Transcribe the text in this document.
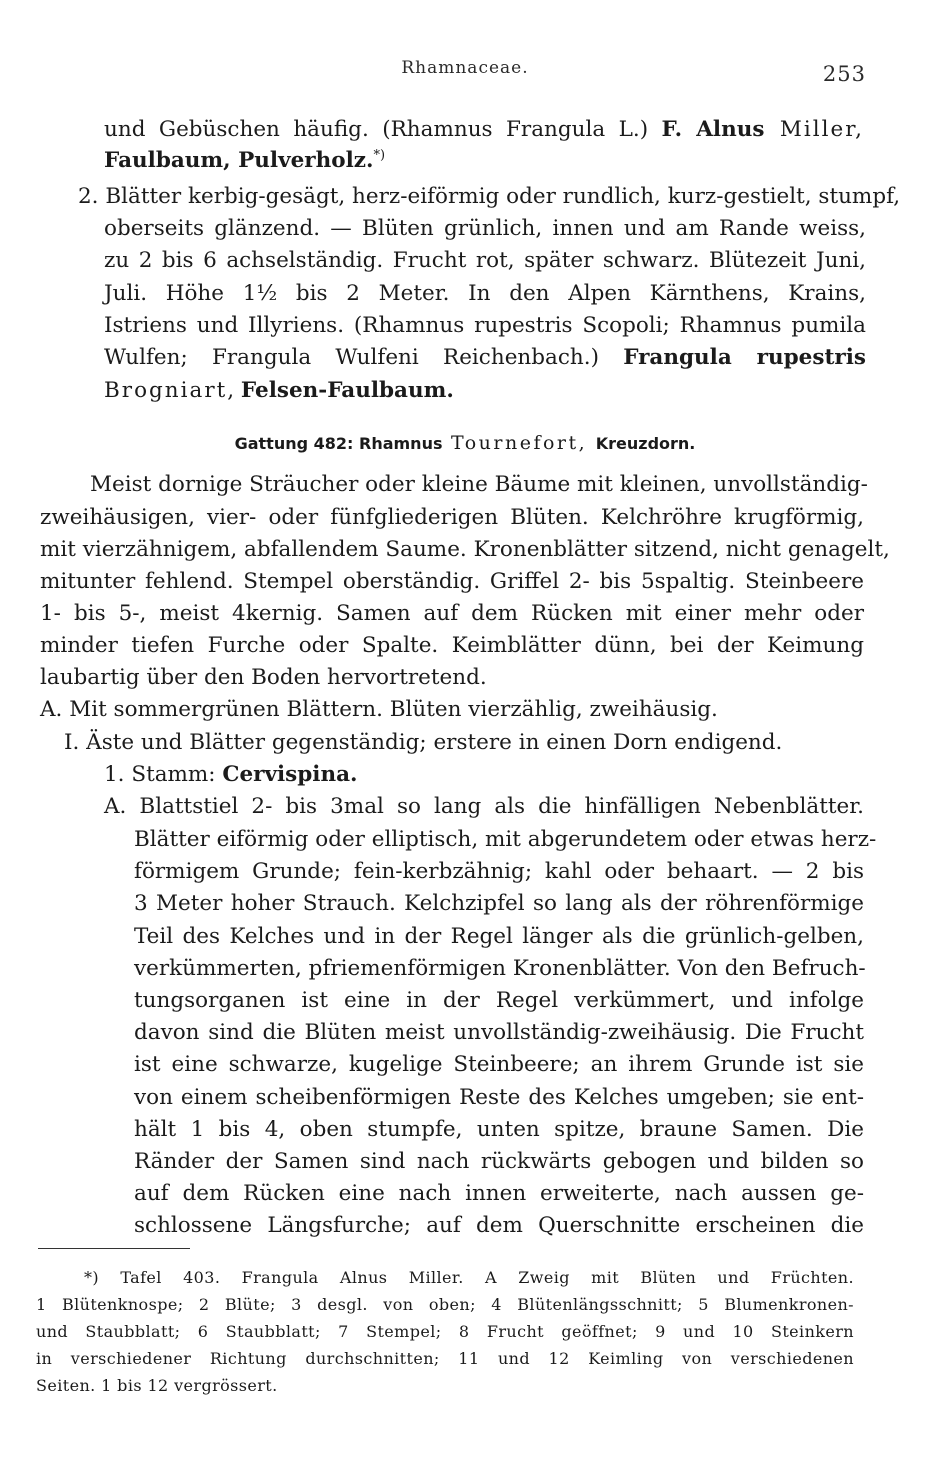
Rhamnaceae.	253
und Gebüschen häufig. (Rhamnus Frangula L.) F. Alnus Miller,
Faulbaum, Pulverholz.*)
2. Blätter kerbig-gesägt, herz-eiförmig oder rundlich, kurz-gestielt, stumpf,
oberseits glänzend. — Blüten grünlich, innen und am Rande weiss,
zu 2 bis 6 achselständig. Frucht rot, später schwarz. Blütezeit Juni,
Juli. Höhe 1½ bis 2 Meter. In den Alpen Kärnthens, Krains,
Istriens und Illyriens. (Rhamnus rupestris Scopoli; Rhamnus pumila
Wulfen; Frangula Wulfeni Reichenbach.) Frangula rupestris
Brogniart, Felsen-Faulbaum.
Gattung 482: Rhamnus Tournefort, Kreuzdorn.
Meist dornige Sträucher oder kleine Bäume mit kleinen, unvollständig-
zweihäusigen, vier- oder fünfgliederigen Blüten. Kelchröhre krugförmig,
mit vierzähnigem, abfallendem Saume. Kronenblätter sitzend, nicht genagelt,
mitunter fehlend. Stempel oberständig. Griffel 2- bis 5spaltig. Steinbeere
1- bis 5-, meist 4kernig. Samen auf dem Rücken mit einer mehr oder
minder tiefen Furche oder Spalte. Keimblätter dünn, bei der Keimung
laubartig über den Boden hervortretend.
A. Mit sommergrünen Blättern. Blüten vierzählig, zweihäusig.
I. Äste und Blätter gegenständig; erstere in einen Dorn endigend.
1. Stamm: Cervispina.
A. Blattstiel 2- bis 3mal so lang als die hinfälligen Nebenblätter.
Blätter eiförmig oder elliptisch, mit abgerundetem oder etwas herz-
förmigem Grunde; fein-kerbzähnig; kahl oder behaart. — 2 bis
3 Meter hoher Strauch. Kelchzipfel so lang als der röhrenförmige
Teil des Kelches und in der Regel länger als die grünlich-gelben,
verkümmerten, pfriemenförmigen Kronenblätter. Von den Befruch-
tungsorganen ist eine in der Regel verkümmert, und infolge
davon sind die Blüten meist unvollständig-zweihäusig. Die Frucht
ist eine schwarze, kugelige Steinbeere; an ihrem Grunde ist sie
von einem scheibenförmigen Reste des Kelches umgeben; sie ent-
hält 1 bis 4, oben stumpfe, unten spitze, braune Samen. Die
Ränder der Samen sind nach rückwärts gebogen und bilden so
auf dem Rücken eine nach innen erweiterte, nach aussen ge-
schlossene Längsfurche; auf dem Querschnitte erscheinen die
*) Tafel 403. Frangula Alnus Miller. A Zweig mit Blüten und Früchten.
1 Blütenknospe; 2 Blüte; 3 desgl. von oben; 4 Blütenlängsschnitt; 5 Blumenkronen-
und Staubblatt; 6 Staubblatt; 7 Stempel; 8 Frucht geöffnet; 9 und 10 Steinkern
in verschiedener Richtung durchschnitten; 11 und 12 Keimling von verschiedenen
Seiten. 1 bis 12 vergrössert.
